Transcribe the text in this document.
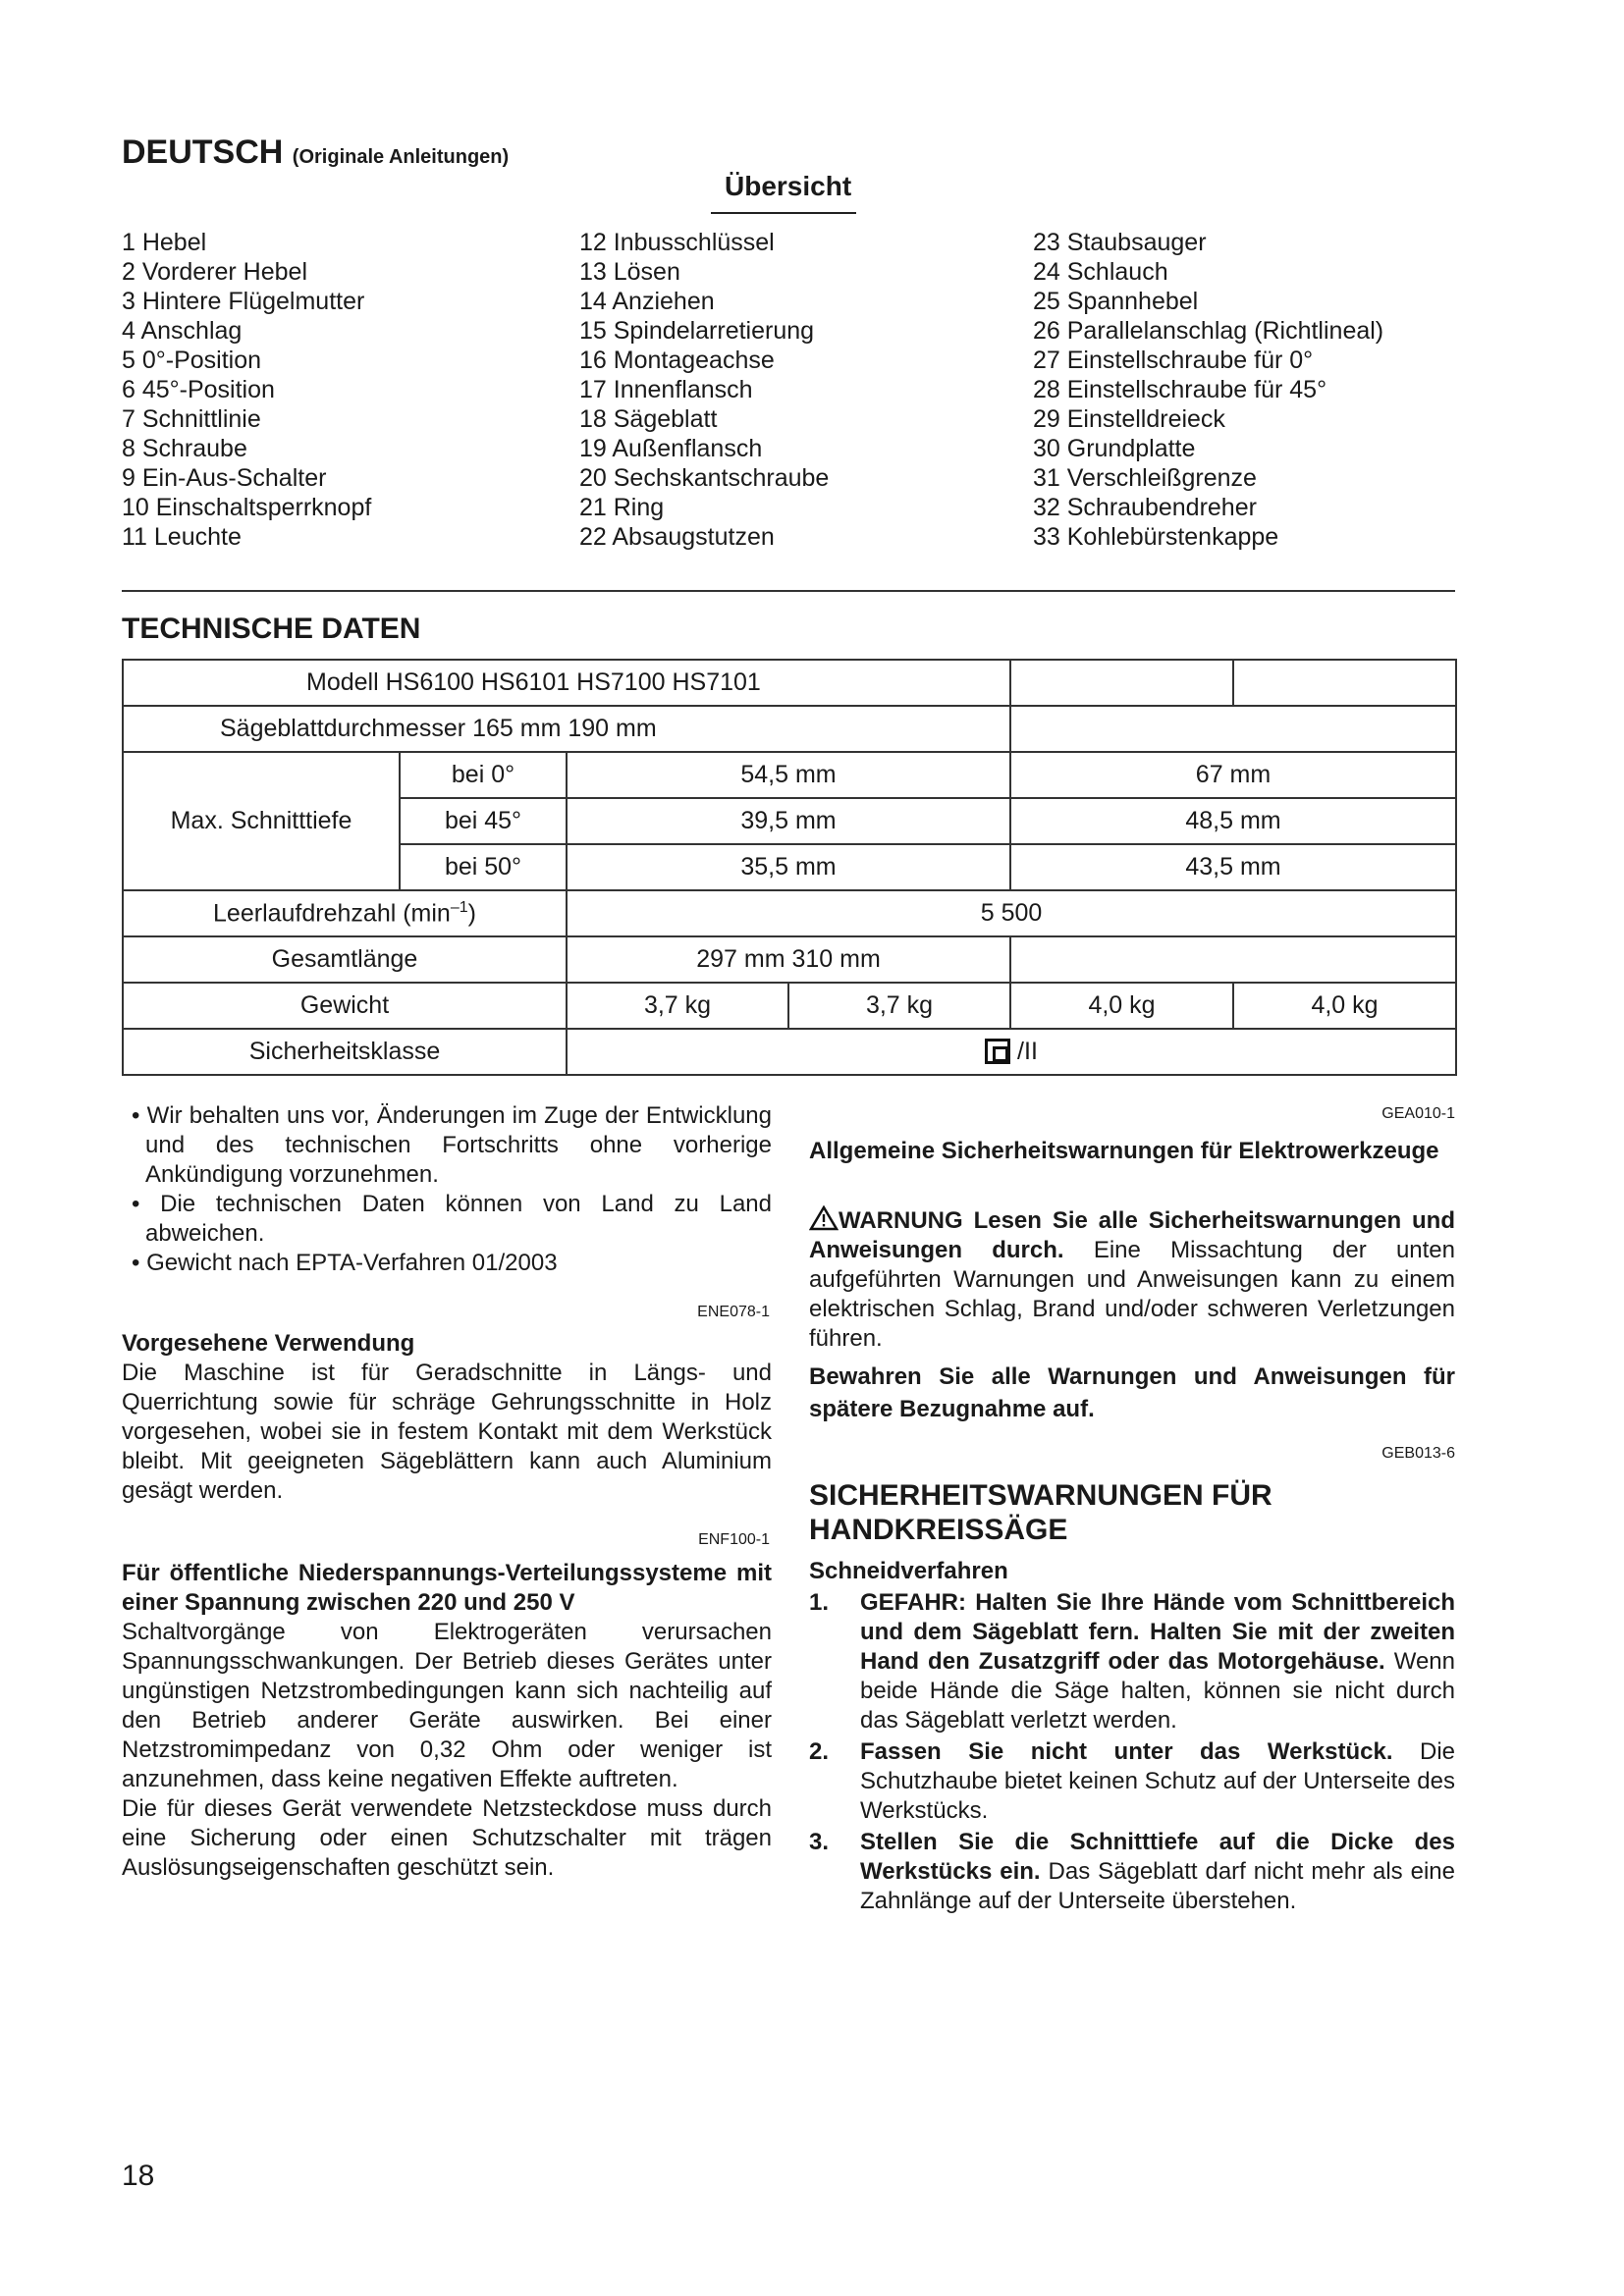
DEUTSCH (Originale Anleitungen)
Übersicht
1 Hebel
2 Vorderer Hebel
3 Hintere Flügelmutter
4 Anschlag
5 0°-Position
6 45°-Position
7 Schnittlinie
8 Schraube
9 Ein-Aus-Schalter
10 Einschaltsperrknopf
11 Leuchte
12 Inbusschlüssel
13 Lösen
14 Anziehen
15 Spindelarretierung
16 Montageachse
17 Innenflansch
18 Sägeblatt
19 Außenflansch
20 Sechskantschraube
21 Ring
22 Absaugstutzen
23 Staubsauger
24 Schlauch
25 Spannhebel
26 Parallelanschlag (Richtlineal)
27 Einstellschraube für 0°
28 Einstellschraube für 45°
29 Einstelldreieck
30 Grundplatte
31 Verschleißgrenze
32 Schraubendreher
33 Kohlebürstenkappe
TECHNISCHE DATEN
Modell HS6100 HS6101 HS7100 HS7101					
Sägeblattdurchmesser 165 mm 190 mm					
Max. Schnitttiefe	bei 0°	54,5 mm		67 mm	
	bei 45°	39,5 mm		48,5 mm	
	bei 50°	35,5 mm		43,5 mm	
Leerlaufdrehzahl $(\min^{-1})$		5 500			
Gesamtlänge		297 mm 310 mm			
Gewicht		3,7 kg	3,7 kg	4,0 kg	4,0 kg
Sicherheitsklasse		/II			
• Wir behalten uns vor, Änderungen im Zuge der Entwicklung und des technischen Fortschritts ohne vorherige Ankündigung vorzunehmen.
• Die technischen Daten können von Land zu Land abweichen.
• Gewicht nach EPTA-Verfahren 01/2003
ENE078-1
Vorgesehene Verwendung
Die Maschine ist für Geradschnitte in Längs- und Querrichtung sowie für schräge Gehrungsschnitte in Holz vorgesehen, wobei sie in festem Kontakt mit dem Werkstück bleibt. Mit geeigneten Sägeblättern kann auch Aluminium gesägt werden.
ENF100-1
Für öffentliche Niederspannungs-Verteilungssysteme mit einer Spannung zwischen 220 und 250 V
Schaltvorgänge von Elektrogeräten verursachen Spannungsschwankungen. Der Betrieb dieses Gerätes unter ungünstigen Netzstrombedingungen kann sich nachteilig auf den Betrieb anderer Geräte auswirken. Bei einer Netzstromimpedanz von 0,32 Ohm oder weniger ist anzunehmen, dass keine negativen Effekte auftreten.
Die für dieses Gerät verwendete Netzsteckdose muss durch eine Sicherung oder einen Schutzschalter mit trägen Auslösungseigenschaften geschützt sein.
GEA010-1
Allgemeine Sicherheitswarnungen für Elektrowerkzeuge
WARNUNG Lesen Sie alle Sicherheitswarnungen und Anweisungen durch. Eine Missachtung der unten aufgeführten Warnungen und Anweisungen kann zu einem elektrischen Schlag, Brand und/oder schweren Verletzungen führen.
Bewahren Sie alle Warnungen und Anweisungen für spätere Bezugnahme auf.
GEB013-6
SICHERHEITSWARNUNGEN FÜR HANDKREISSÄGE
Schneidverfahren
1. GEFAHR: Halten Sie Ihre Hände vom Schnittbereich und dem Sägeblatt fern. Halten Sie mit der zweiten Hand den Zusatzgriff oder das Motorgehäuse. Wenn beide Hände die Säge halten, können sie nicht durch das Sägeblatt verletzt werden.
2. Fassen Sie nicht unter das Werkstück. Die Schutzhaube bietet keinen Schutz auf der Unterseite des Werkstücks.
3. Stellen Sie die Schnitttiefe auf die Dicke des Werkstücks ein. Das Sägeblatt darf nicht mehr als eine Zahnlänge auf der Unterseite überstehen.
18
